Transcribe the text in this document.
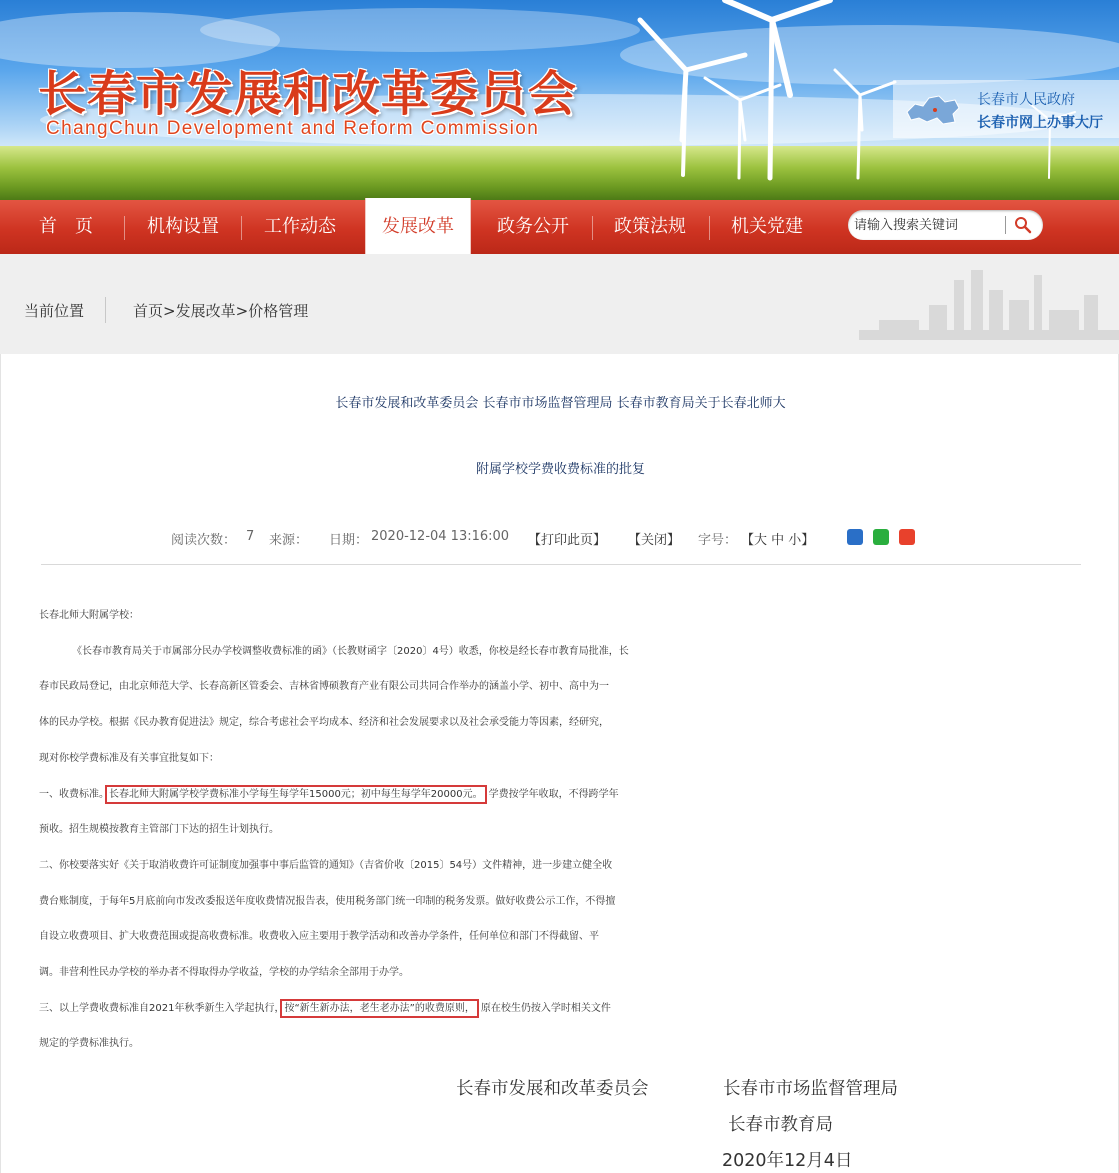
长春市发展和改革委员会
ChangChun Development and Reform Commission
长春市人民政府
长春市网上办事大厅
首　页	机构设置	工作动态	发展改革	政务公开	政策法规	机关党建
请输入搜索关键词
当前位置	首页>发展改革>价格管理
长春市发展和改革委员会 长春市市场监督管理局 长春市教育局关于长春北师大
附属学校学费收费标准的批复
阅读次数： 7 来源： 日期： 2020-12-04 13:16:00 【打印此页】 【关闭】 字号： 【大 中 小】

长春北师大附属学校：

《长春市教育局关于市属部分民办学校调整收费标准的函》（长教财函字〔2020〕4号）收悉，你校是经长春市教育局批准，长

春市民政局登记，由北京师范大学、长春高新区管委会、吉林省博硕教育产业有限公司共同合作举办的涵盖小学、初中、高中为一

体的民办学校。根据《民办教育促进法》规定，综合考虑社会平均成本、经济和社会发展要求以及社会承受能力等因素，经研究，

现对你校学费标准及有关事宜批复如下：

一、收费标准。长春北师大附属学校学费标准小学每生每学年15000元；初中每生每学年20000元。 学费按学年收取，不得跨学年

预收。招生规模按教育主管部门下达的招生计划执行。

二、你校要落实好《关于取消收费许可证制度加强事中事后监管的通知》（吉省价收〔2015〕54号）文件精神，进一步建立健全收

费台账制度，于每年5月底前向市发改委报送年度收费情况报告表，使用税务部门统一印制的税务发票。做好收费公示工作，不得擅

自设立收费项目、扩大收费范围或提高收费标准。收费收入应主要用于教学活动和改善办学条件，任何单位和部门不得截留、平

调。非营利性民办学校的举办者不得取得办学收益，学校的办学结余全部用于办学。

三、以上学费收费标准自2021年秋季新生入学起执行，按“新生新办法，老生老办法”的收费原则， 原在校生仍按入学时相关文件

规定的学费标准执行。

长春市发展和改革委员会	长春市市场监督管理局
长春市教育局
2020年12月4日
